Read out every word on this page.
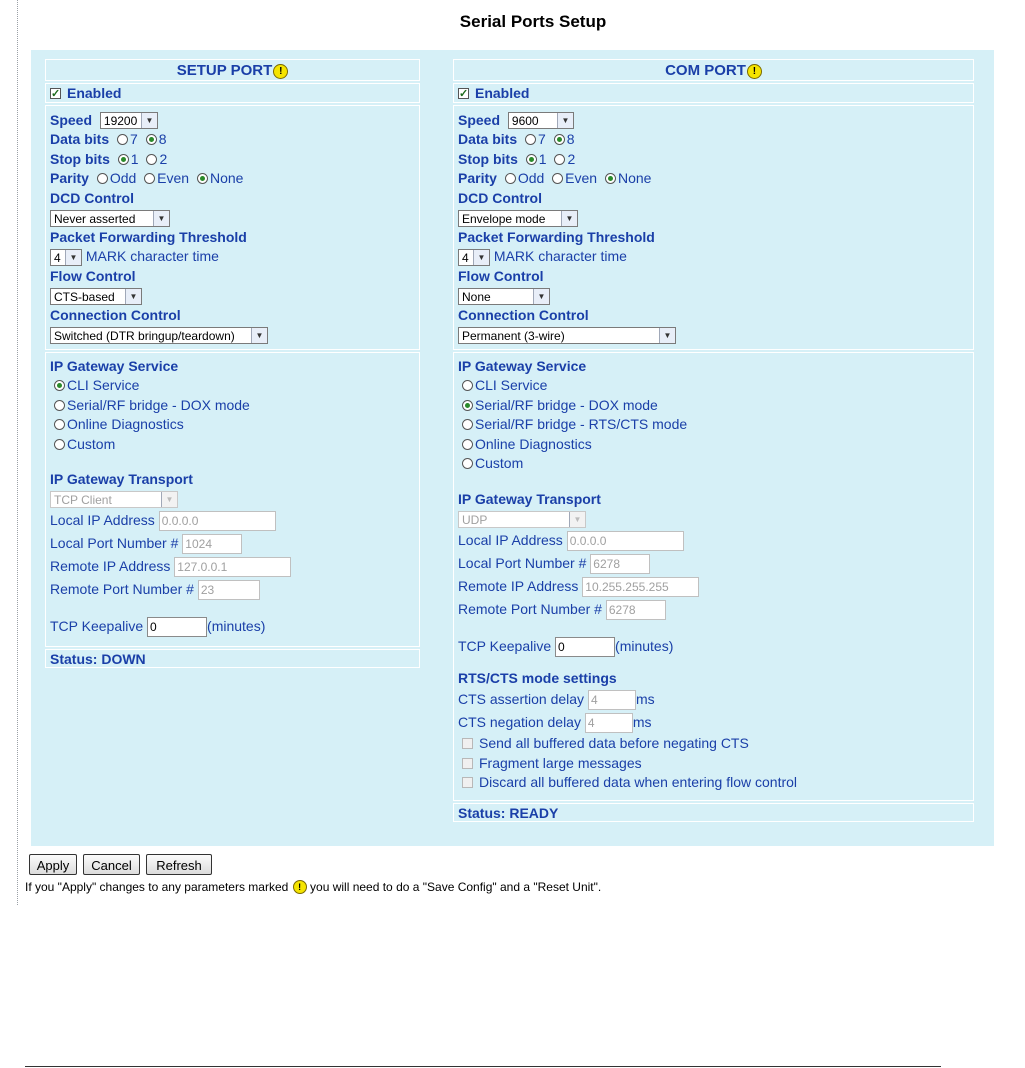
Serial Ports Setup
SETUP PORT !
✓Enabled
Speed 19200	▼
Data bits 7 8
Stop bits 1 2
Parity Odd Even None
DCD Control
Never asserted	▼
Packet Forwarding Threshold
4	▼ MARK character time
Flow Control
CTS-based	▼
Connection Control
Switched (DTR bringup/teardown)	▼
IP Gateway Service
CLI Service
Serial/RF bridge - DOX mode
Online Diagnostics
Custom
IP Gateway Transport
TCP Client	▼
Local IP Address 0.0.0.0
Local Port Number # 1024
Remote IP Address 127.0.0.1
Remote Port Number # 23
TCP Keepalive 0	(minutes)
Status: DOWN
COM PORT !
✓Enabled
Speed 9600	▼
Data bits 7 8
Stop bits 1 2
Parity Odd Even None
DCD Control
Envelope mode	▼
Packet Forwarding Threshold
4	▼ MARK character time
Flow Control
None	▼
Connection Control
Permanent (3-wire)	▼
IP Gateway Service
CLI Service
Serial/RF bridge - DOX mode
Serial/RF bridge - RTS/CTS mode
Online Diagnostics
Custom
IP Gateway Transport
UDP	▼
Local IP Address 0.0.0.0
Local Port Number # 6278
Remote IP Address 10.255.255.255
Remote Port Number # 6278
TCP Keepalive 0	(minutes)
RTS/CTS mode settings
CTS assertion delay 4	ms
CTS negation delay 4	ms
Send all buffered data before negating CTS
Fragment large messages
Discard all buffered data when entering flow control
Status: READY
Apply	Cancel	Refresh
If you "Apply" changes to any parameters marked ! you will need to do a "Save Config" and a "Reset Unit".
